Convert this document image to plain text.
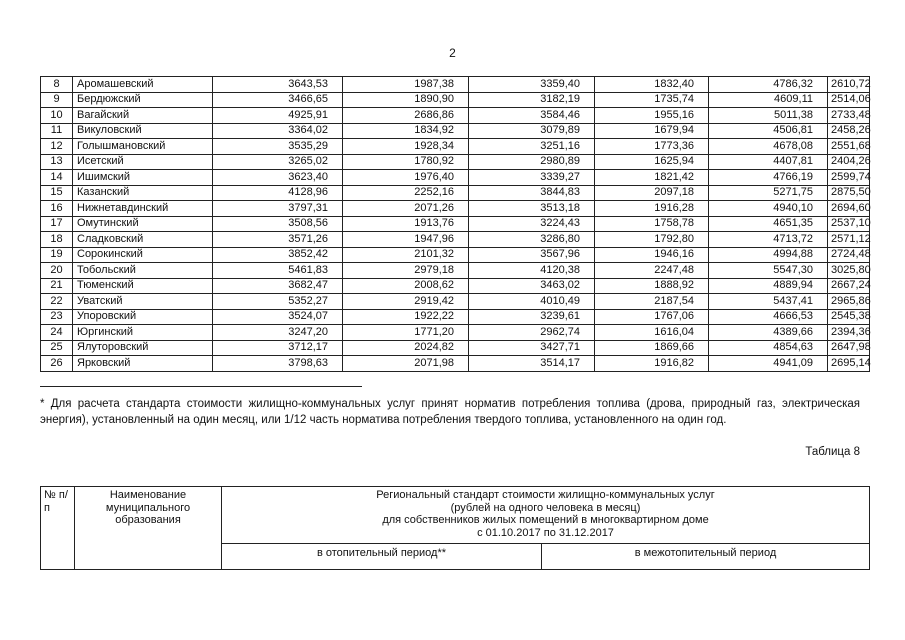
2
8	Аромашевский	3643,53	1987,38	3359,40	1832,40	4786,32	2610,72
9	Бердюжский	3466,65	1890,90	3182,19	1735,74	4609,11	2514,06
10	Вагайский	4925,91	2686,86	3584,46	1955,16	5011,38	2733,48
11	Викуловский	3364,02	1834,92	3079,89	1679,94	4506,81	2458,26
12	Голышмановский	3535,29	1928,34	3251,16	1773,36	4678,08	2551,68
13	Исетский	3265,02	1780,92	2980,89	1625,94	4407,81	2404,26
14	Ишимский	3623,40	1976,40	3339,27	1821,42	4766,19	2599,74
15	Казанский	4128,96	2252,16	3844,83	2097,18	5271,75	2875,50
16	Нижнетавдинский	3797,31	2071,26	3513,18	1916,28	4940,10	2694,60
17	Омутинский	3508,56	1913,76	3224,43	1758,78	4651,35	2537,10
18	Сладковский	3571,26	1947,96	3286,80	1792,80	4713,72	2571,12
19	Сорокинский	3852,42	2101,32	3567,96	1946,16	4994,88	2724,48
20	Тобольский	5461,83	2979,18	4120,38	2247,48	5547,30	3025,80
21	Тюменский	3682,47	2008,62	3463,02	1888,92	4889,94	2667,24
22	Уватский	5352,27	2919,42	4010,49	2187,54	5437,41	2965,86
23	Упоровский	3524,07	1922,22	3239,61	1767,06	4666,53	2545,38
24	Юргинский	3247,20	1771,20	2962,74	1616,04	4389,66	2394,36
25	Ялуторовский	3712,17	2024,82	3427,71	1869,66	4854,63	2647,98
26	Ярковский	3798,63	2071,98	3514,17	1916,82	4941,09	2695,14
* Для расчета стандарта стоимости жилищно-коммунальных услуг принят норматив потребления топлива (дрова, природный газ, электрическая энергия), установленный на один месяц, или 1/12 часть норматива потребления твердого топлива, установленного на один год.
Таблица 8
№ п/п	Наименование муниципального образования	Региональный стандарт стоимости жилищно-коммунальных услуг
(рублей на одного человека в месяц)
для собственников жилых помещений в многоквартирном доме
с 01.10.2017 по 31.12.2017	

		в отопительный период**	в межотопительный период
